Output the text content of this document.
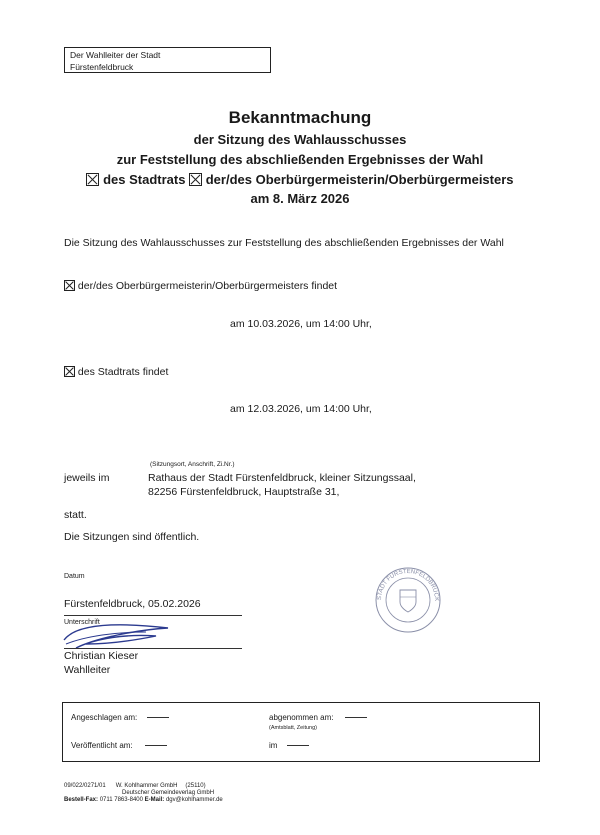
Der Wahlleiter der Stadt
Fürstenfeldbruck
Bekanntmachung
der Sitzung des Wahlausschusses
zur Feststellung des abschließenden Ergebnisses der Wahl
des Stadtrats der/des Oberbürgermeisterin/Oberbürgermeisters
am 8. März 2026
Die Sitzung des Wahlausschusses zur Feststellung des abschließenden Ergebnisses der Wahl
der/des Oberbürgermeisterin/Oberbürgermeisters findet
am 10.03.2026, um 14:00 Uhr,
des Stadtrats findet
am 12.03.2026, um 14:00 Uhr,
(Sitzungsort, Anschrift, Zi.Nr.)
jeweils im	Rathaus der Stadt Fürstenfeldbruck, kleiner Sitzungssaal,
82256 Fürstenfeldbruck, Hauptstraße 31,
statt.
Die Sitzungen sind öffentlich.
Datum
Fürstenfeldbruck, 05.02.2026
Unterschrift
Christian Kieser
Wahlleiter
STADT FÜRSTENFELDBRUCK
Angeschlagen am:	abgenommen am:
(Amtsblatt, Zeitung)
Veröffentlicht am:	im
09/022/0271/01 W. Kohlhammer GmbH (25110)
Deutscher Gemeindeverlag GmbH
Bestell-Fax: 0711 7863-8400 E-Mail: dgv@kohlhammer.de
